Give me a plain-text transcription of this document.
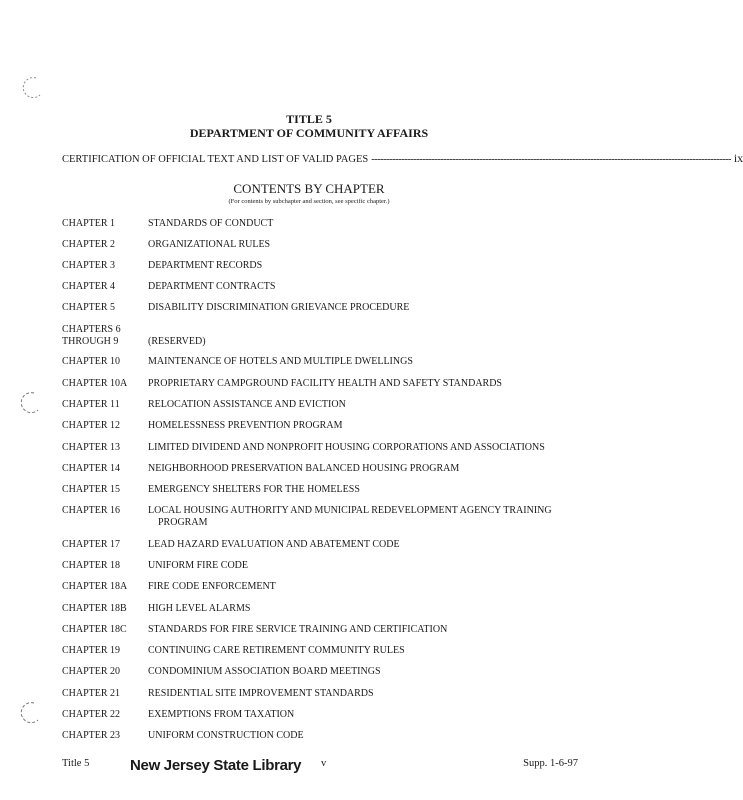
TITLE 5
DEPARTMENT OF COMMUNITY AFFAIRS
CERTIFICATION OF OFFICIAL TEXT AND LIST OF VALID PAGES ------------------------------------------------------------------------------------------------------------------------ ix
CONTENTS BY CHAPTER
(For contents by subchapter and section, see specific chapter.)
CHAPTER 1	STANDARDS OF CONDUCT
CHAPTER 2	ORGANIZATIONAL RULES
CHAPTER 3	DEPARTMENT RECORDS
CHAPTER 4	DEPARTMENT CONTRACTS
CHAPTER 5	DISABILITY DISCRIMINATION GRIEVANCE PROCEDURE
CHAPTERS 6
THROUGH 9	(RESERVED)
CHAPTER 10	MAINTENANCE OF HOTELS AND MULTIPLE DWELLINGS
CHAPTER 10A	PROPRIETARY CAMPGROUND FACILITY HEALTH AND SAFETY STANDARDS
CHAPTER 11	RELOCATION ASSISTANCE AND EVICTION
CHAPTER 12	HOMELESSNESS PREVENTION PROGRAM
CHAPTER 13	LIMITED DIVIDEND AND NONPROFIT HOUSING CORPORATIONS AND ASSOCIATIONS
CHAPTER 14	NEIGHBORHOOD PRESERVATION BALANCED HOUSING PROGRAM
CHAPTER 15	EMERGENCY SHELTERS FOR THE HOMELESS
CHAPTER 16	LOCAL HOUSING AUTHORITY AND MUNICIPAL REDEVELOPMENT AGENCY TRAINING
PROGRAM
CHAPTER 17	LEAD HAZARD EVALUATION AND ABATEMENT CODE
CHAPTER 18	UNIFORM FIRE CODE
CHAPTER 18A	FIRE CODE ENFORCEMENT
CHAPTER 18B	HIGH LEVEL ALARMS
CHAPTER 18C	STANDARDS FOR FIRE SERVICE TRAINING AND CERTIFICATION
CHAPTER 19	CONTINUING CARE RETIREMENT COMMUNITY RULES
CHAPTER 20	CONDOMINIUM ASSOCIATION BOARD MEETINGS
CHAPTER 21	RESIDENTIAL SITE IMPROVEMENT STANDARDS
CHAPTER 22	EXEMPTIONS FROM TAXATION
CHAPTER 23	UNIFORM CONSTRUCTION CODE
Title 5	New Jersey State Library v	Supp. 1-6-97
